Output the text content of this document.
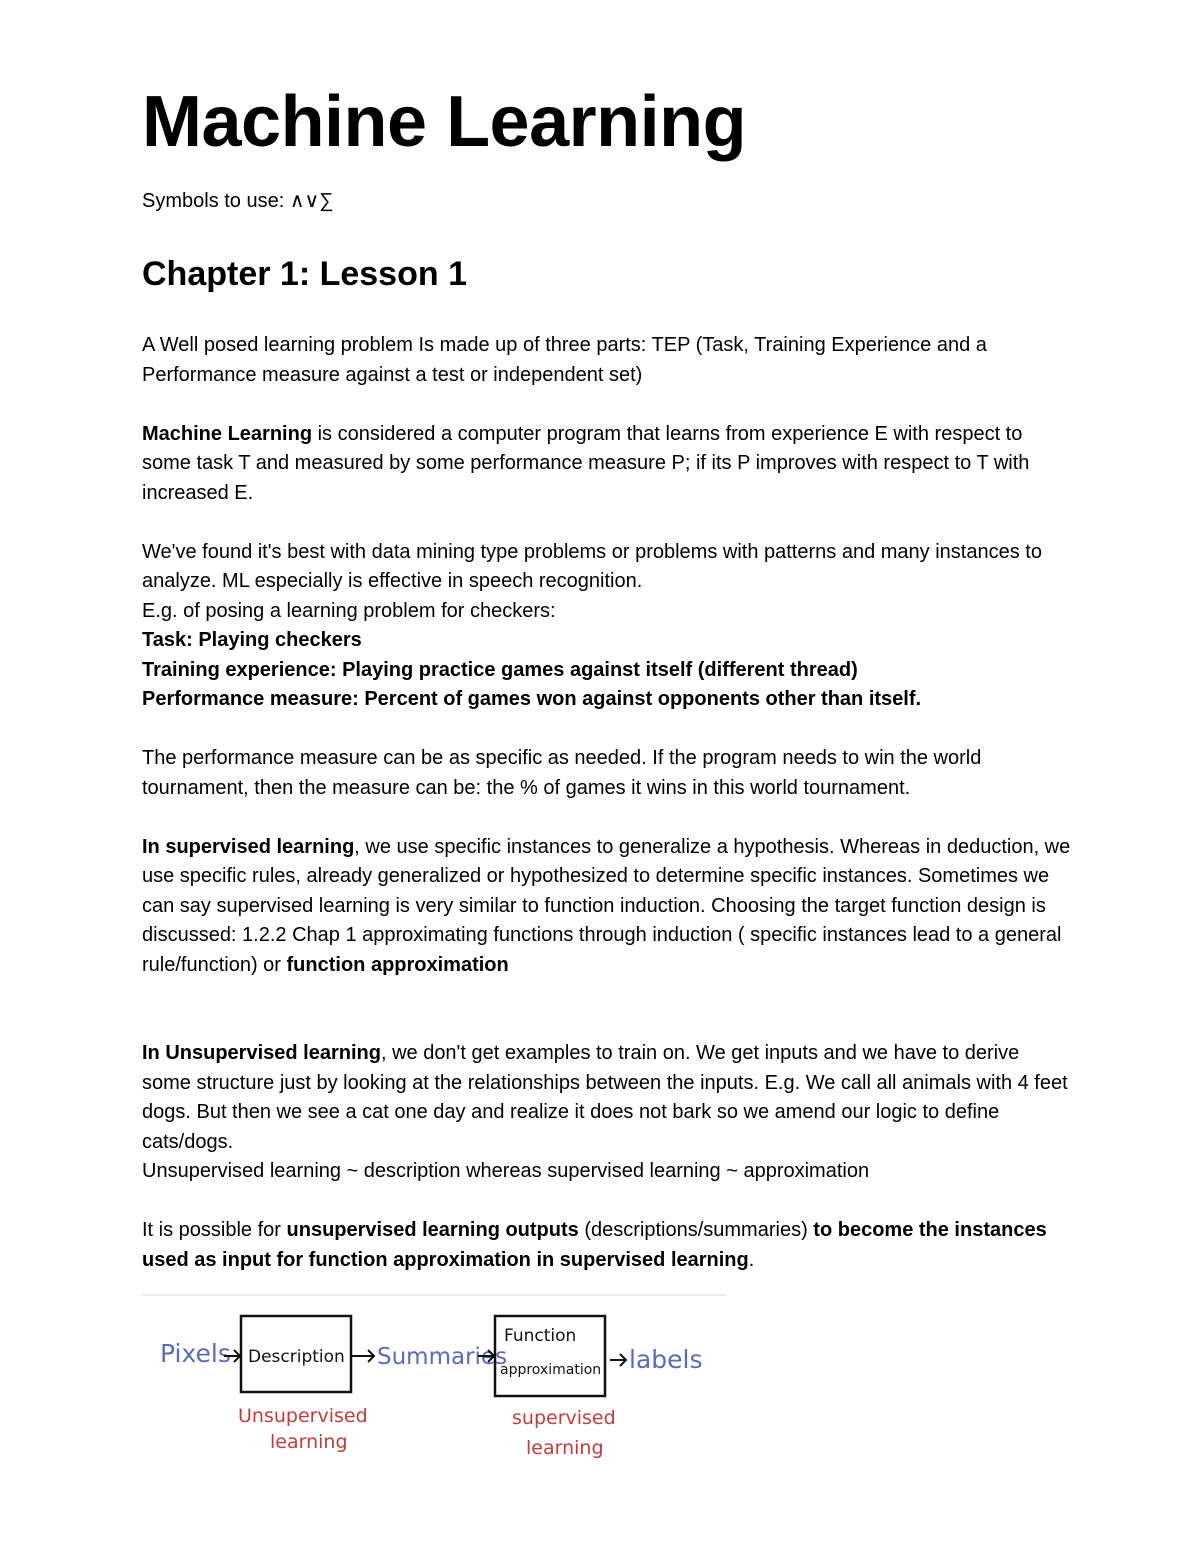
Machine Learning
Symbols to use: ∧∨∑
Chapter 1: Lesson 1

A Well posed learning problem Is made up of three parts: TEP (Task, Training Experience and a Performance measure against a test or independent set)

Machine Learning is considered a computer program that learns from experience E with respect to some task T and measured by some performance measure P; if its P improves with respect to T with increased E.

We've found it's best with data mining type problems or problems with patterns and many instances to analyze. ML especially is effective in speech recognition.

E.g. of posing a learning problem for checkers:

Task: Playing checkers

Training experience: Playing practice games against itself (different thread)

Performance measure: Percent of games won against opponents other than itself.

The performance measure can be as specific as needed. If the program needs to win the world tournament, then the measure can be: the % of games it wins in this world tournament.

In supervised learning, we use specific instances to generalize a hypothesis. Whereas in deduction, we use specific rules, already generalized or hypothesized to determine specific instances. Sometimes we can say supervised learning is very similar to function induction. Choosing the target function design is discussed: 1.2.2 Chap 1 approximating functions through induction ( specific instances lead to a general rule/function) or function approximation

In Unsupervised learning, we don't get examples to train on. We get inputs and we have to derive some structure just by looking at the relationships between the inputs. E.g. We call all animals with 4 feet dogs. But then we see a cat one day and realize it does not bark so we amend our logic to define cats/dogs.

Unsupervised learning ~ description whereas supervised learning ~ approximation

It is possible for unsupervised learning outputs (descriptions/summaries) to become the instances used as input for function approximation in supervised learning.

Pixels Description Summaries
Function
approximation labels
Unsupervised
learning
supervised
learning
